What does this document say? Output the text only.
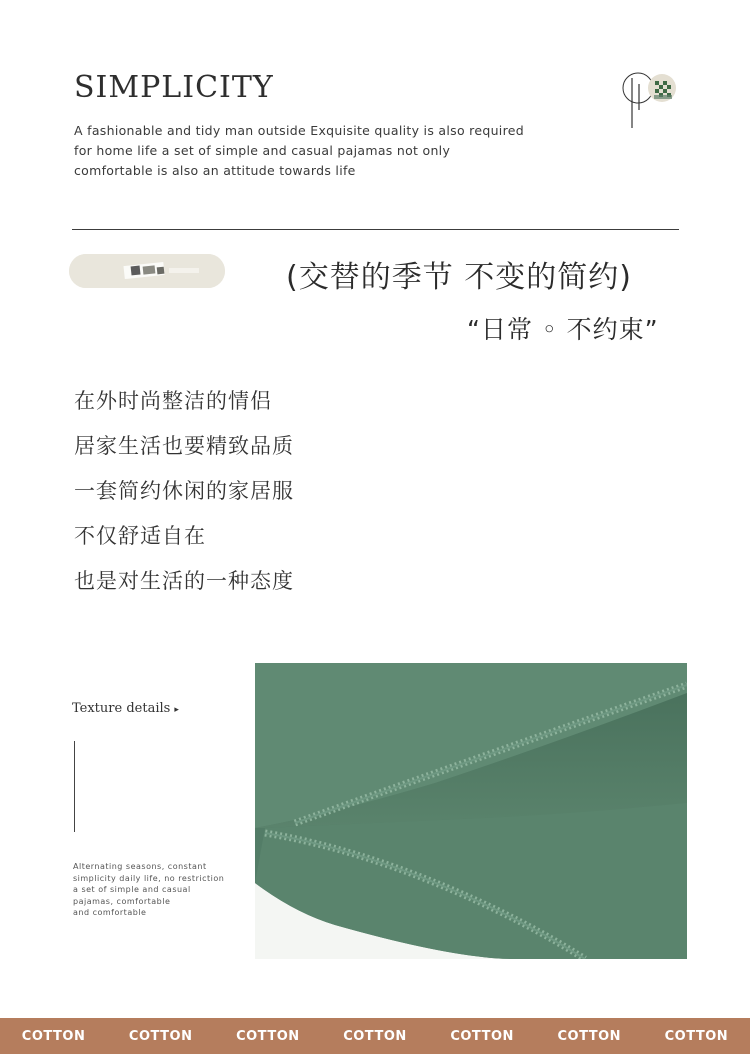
SIMPLICITY
A fashionable and tidy man outside Exquisite quality is also required
for home life a set of simple and casual pajamas not only
comfortable is also an attitude towards life
(交替的季节 不变的简约)
“日常 ◦ 不约束”
在外时尚整洁的情侣
居家生活也要精致品质
一套简约休闲的家居服
不仅舒适自在
也是对生活的一种态度
Texture details ▸
Alternating seasons, constant
simplicity daily life, no restriction
a set of simple and casual
pajamas, comfortable
and comfortable
COTTON	COTTON	COTTON	COTTON	COTTON	COTTON	COTTON
